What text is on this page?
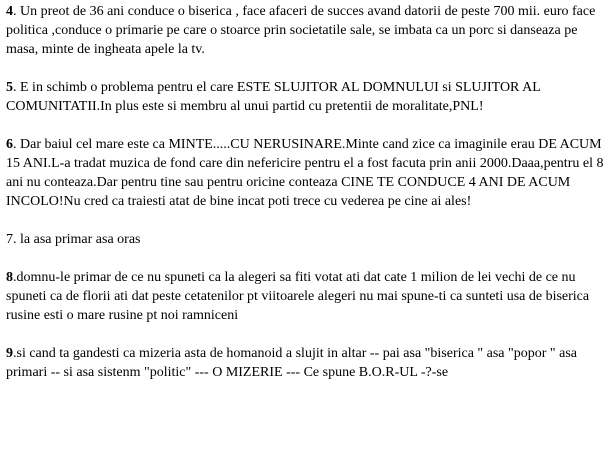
4. Un preot de 36 ani conduce o biserica , face afaceri de succes avand datorii de peste 700 mii. euro face politica ,conduce o primarie pe care o stoarce prin societatile sale, se imbata ca un porc si danseaza pe masa, minte de ingheata apele la tv.

5. E in schimb o problema pentru el care ESTE SLUJITOR AL DOMNULUI si SLUJITOR AL COMUNITATII.In plus este si membru al unui partid cu pretentii de moralitate,PNL!

6. Dar baiul cel mare este ca MINTE.....CU NERUSINARE.Minte cand zice ca imaginile erau DE ACUM 15 ANI.L-a tradat muzica de fond care din nefericire pentru el a fost facuta prin anii 2000.Daaa,pentru el 8 ani nu conteaza.Dar pentru tine sau pentru oricine conteaza CINE TE CONDUCE 4 ANI DE ACUM INCOLO!Nu cred ca traiesti atat de bine incat poti trece cu vederea pe cine ai ales!

7. la asa primar asa oras

8.domnu-le primar de ce nu spuneti ca la alegeri sa fiti votat ati dat cate 1 milion de lei vechi de ce nu spuneti ca de florii ati dat peste cetatenilor pt viitoarele alegeri nu mai spune-ti ca sunteti usa de biserica rusine esti o mare rusine pt noi ramniceni

9.si cand ta gandesti ca mizeria asta de homanoid a slujit in altar -- pai asa "biserica " asa "popor " asa primari -- si asa sistenm "politic" --- O MIZERIE --- Ce spune B.O.R-UL -?-se
